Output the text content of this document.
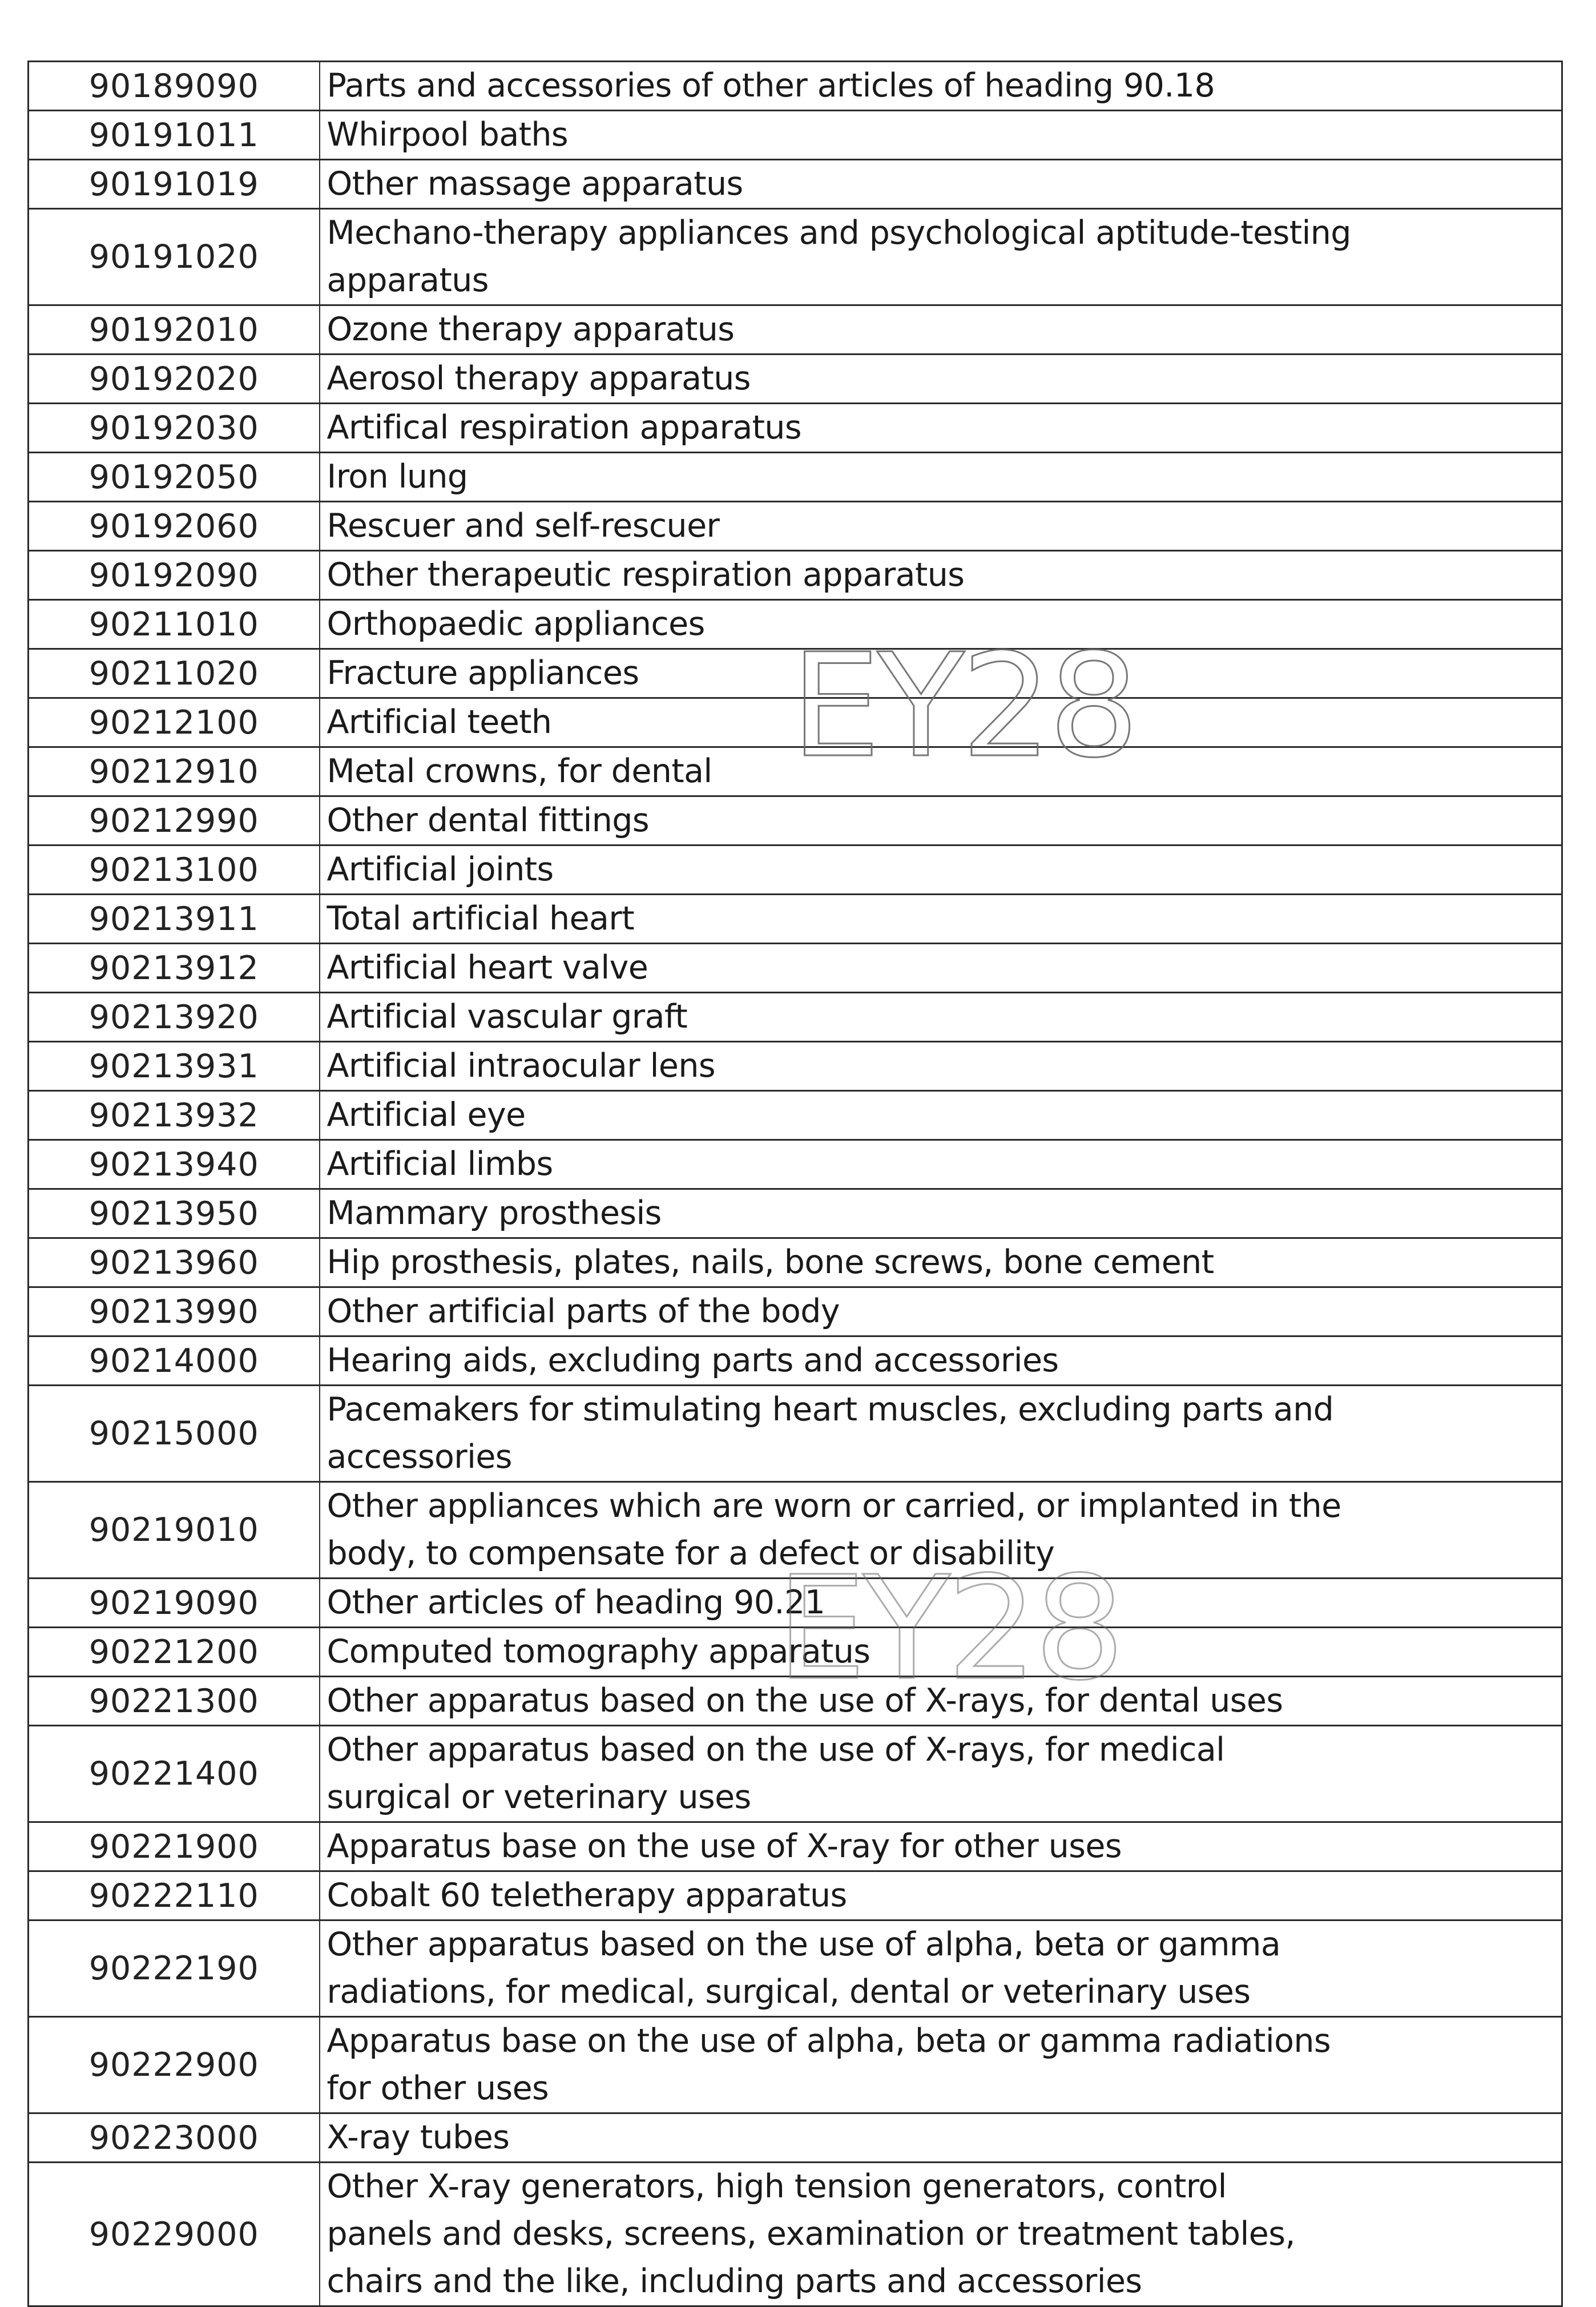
90189090	Parts and accessories of other articles of heading 90.18

90191011	Whirpool baths

90191019	Other massage apparatus

90191020	Mechano-therapy appliances and psychological aptitude-testing
apparatus

90192010	Ozone therapy apparatus

90192020	Aerosol therapy apparatus

90192030	Artifical respiration apparatus

90192050	Iron lung

90192060	Rescuer and self-rescuer

90192090	Other therapeutic respiration apparatus

90211010	Orthopaedic appliances

90211020	Fracture appliances

90212100	Artificial teeth

90212910	Metal crowns, for dental

90212990	Other dental fittings

90213100	Artificial joints

90213911	Total artificial heart

90213912	Artificial heart valve

90213920	Artificial vascular graft

90213931	Artificial intraocular lens

90213932	Artificial eye

90213940	Artificial limbs

90213950	Mammary prosthesis

90213960	Hip prosthesis, plates, nails, bone screws, bone cement

90213990	Other artificial parts of the body

90214000	Hearing aids, excluding parts and accessories

90215000	Pacemakers for stimulating heart muscles, excluding parts and
accessories

90219010	Other appliances which are worn or carried, or implanted in the
body, to compensate for a defect or disability

90219090	Other articles of heading 90.21

90221200	Computed tomography apparatus

90221300	Other apparatus based on the use of X-rays, for dental uses

90221400	Other apparatus based on the use of X-rays, for medical
surgical or veterinary uses

90221900	Apparatus base on the use of X-ray for other uses

90222110	Cobalt 60 teletherapy apparatus

90222190	Other apparatus based on the use of alpha, beta or gamma
radiations, for medical, surgical, dental or veterinary uses

90222900	Apparatus base on the use of alpha, beta or gamma radiations
for other uses

90223000	X-ray tubes

90229000	Other X-ray generators, high tension generators, control
panels and desks, screens, examination or treatment tables,
chairs and the like, including parts and accessories
EY28
EY28
